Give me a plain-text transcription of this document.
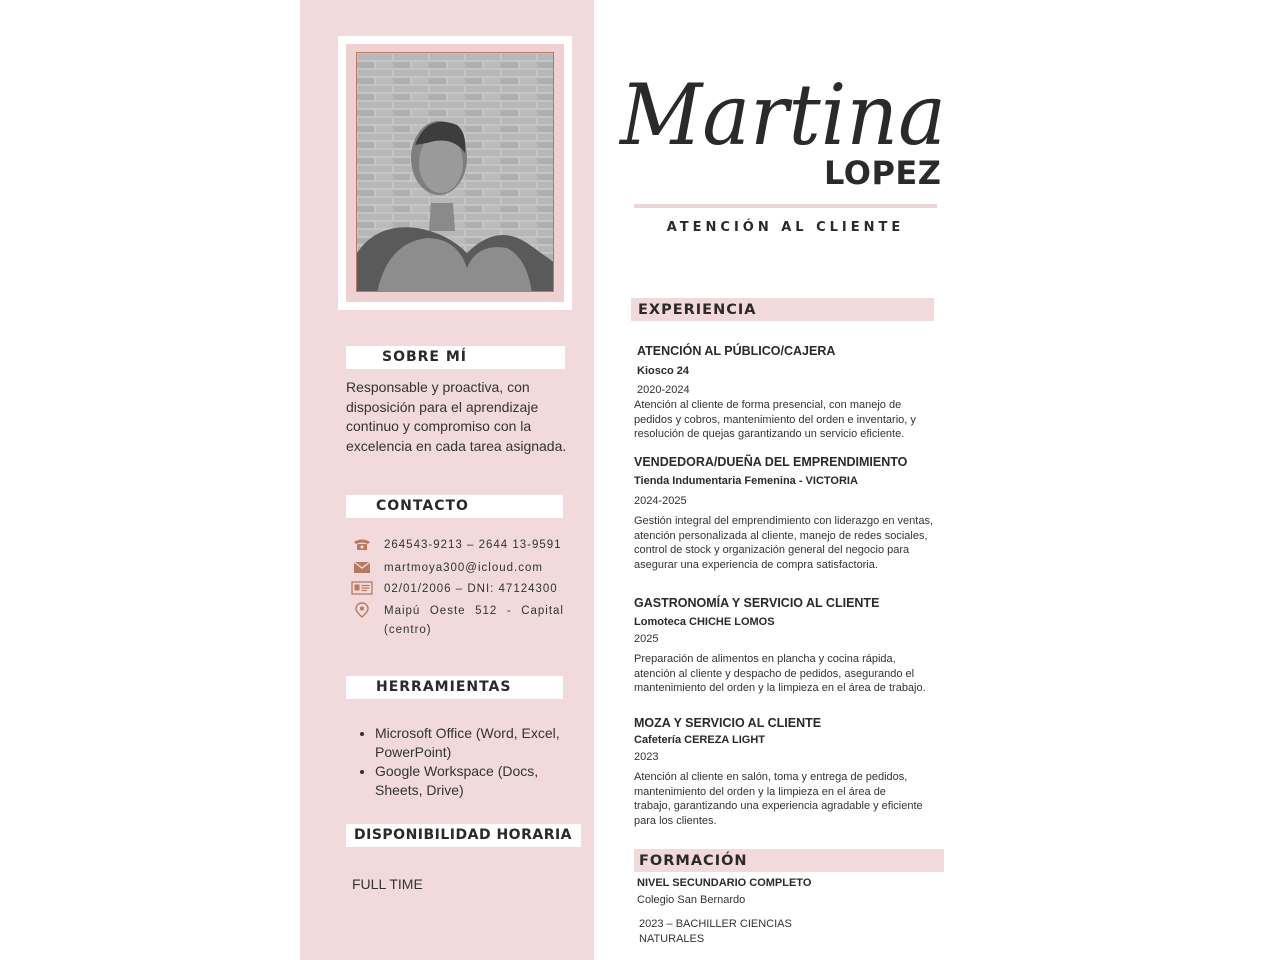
SOBRE MÍ
Responsable y proactiva, con disposición para el aprendizaje continuo y compromiso con la excelencia en cada tarea asignada.
CONTACTO
264543-9213 – 2644 13-9591
martmoya300@icloud.com
02/01/2006 – DNI: 47124300
Maipú Oeste 512 - Capital (centro)
HERRAMIENTAS
• Microsoft Office (Word, Excel, PowerPoint)
• Google Workspace (Docs, Sheets, Drive)
DISPONIBILIDAD HORARIA
FULL TIME
Martina
LOPEZ
ATENCIÓN AL CLIENTE
EXPERIENCIA
ATENCIÓN AL PÚBLICO/CAJERA
Kiosco 24
2020-2024
Atención al cliente de forma presencial, con manejo de pedidos y cobros, mantenimiento del orden e inventario, y resolución de quejas garantizando un servicio eficiente.
VENDEDORA/DUEÑA DEL EMPRENDIMIENTO
Tienda Indumentaria Femenina - VICTORIA
2024-2025
Gestión integral del emprendimiento con liderazgo en ventas, atención personalizada al cliente, manejo de redes sociales, control de stock y organización general del negocio para asegurar una experiencia de compra satisfactoria.
GASTRONOMÍA Y SERVICIO AL CLIENTE
Lomoteca CHICHE LOMOS
2025
Preparación de alimentos en plancha y cocina rápida, atención al cliente y despacho de pedidos, asegurando el mantenimiento del orden y la limpieza en el área de trabajo.
MOZA Y SERVICIO AL CLIENTE
Cafetería CEREZA LIGHT
2023
Atención al cliente en salón, toma y entrega de pedidos, mantenimiento del orden y la limpieza en el área de trabajo, garantizando una experiencia agradable y eficiente para los clientes.
FORMACIÓN
NIVEL SECUNDARIO COMPLETO
Colegio San Bernardo
2023 – BACHILLER CIENCIAS NATURALES
